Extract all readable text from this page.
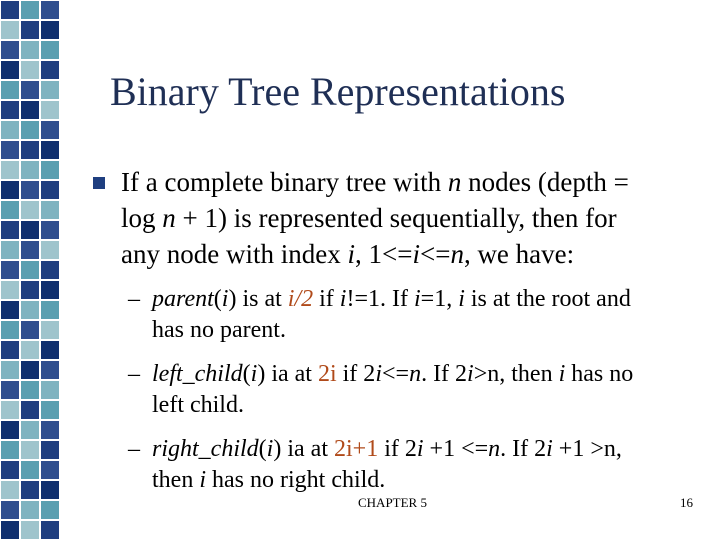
Binary Tree Representations
If a complete binary tree with n nodes (depth =
log n + 1) is represented sequentially, then for
any node with index i, 1<=i<=n, we have:
– parent(i) is at i/2 if i!=1. If i=1, i is at the root and
has no parent.
– left_child(i) ia at 2i if 2i<=n. If 2i>n, then i has no
left child.
– right_child(i) ia at 2i+1 if 2i +1 <=n. If 2i +1 >n,
then i has no right child.
CHAPTER 5	16
